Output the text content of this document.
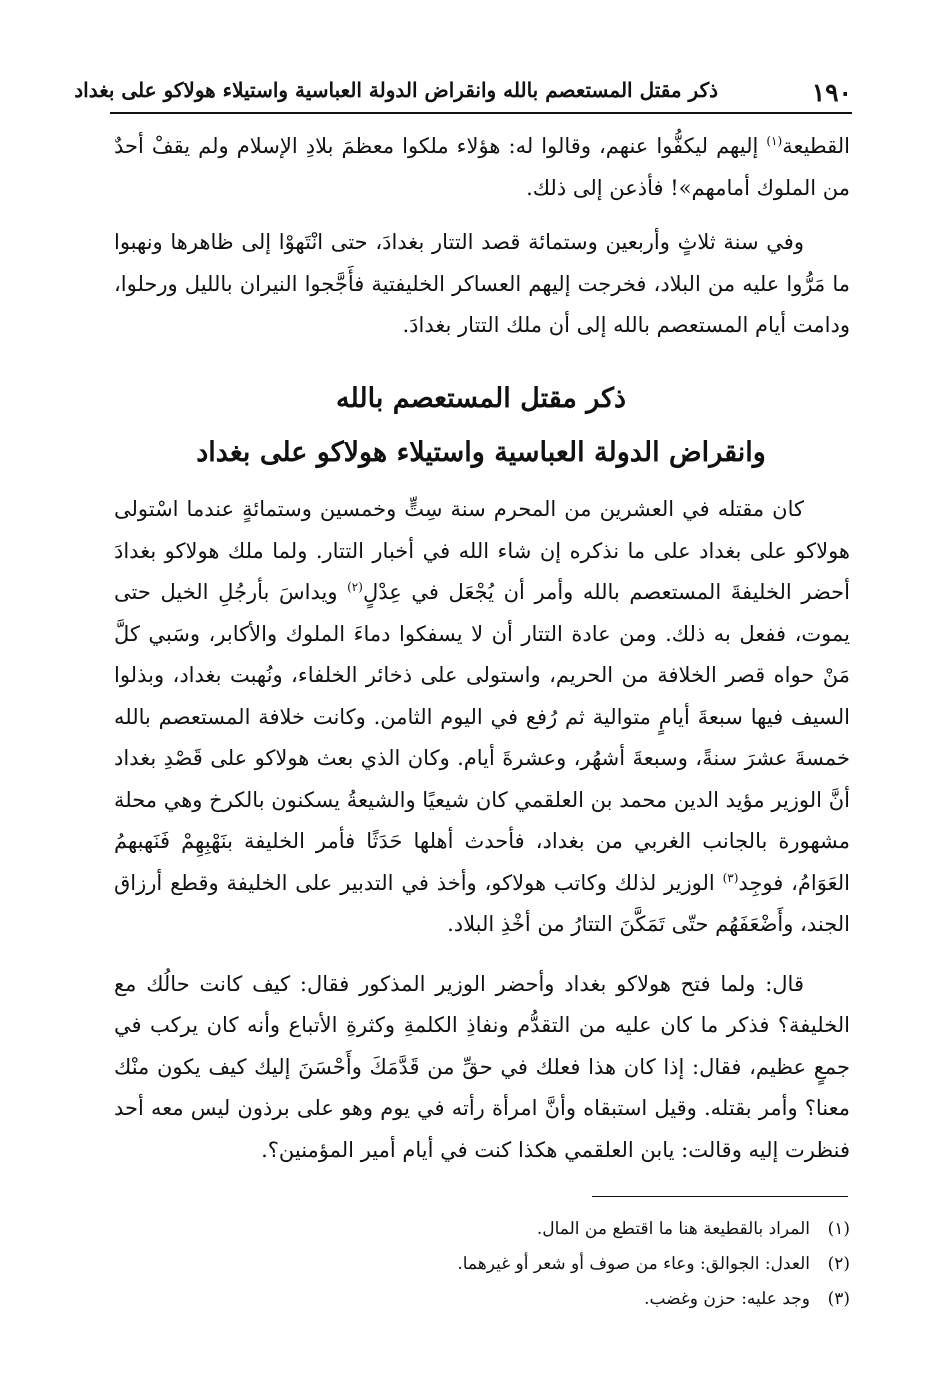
١٩٠
ذكر مقتل المستعصم بالله وانقراض الدولة العباسية واستيلاء هولاكو على بغداد

القطيعة$^{(١)}$ إليهم ليكفُّوا عنهم، وقالوا له: هؤلاء ملكوا معظمَ بلادِ الإسلام ولم يقفْ أحدٌ من الملوك أمامهم»! فأذعن إلى ذلك.

وفي سنة ثلاثٍ وأربعين وستمائة قصد التتار بغدادَ، حتى انْتَهوْا إلى ظاهرها ونهبوا ما مَرُّوا عليه من البلاد، فخرجت إليهم العساكر الخليفتية فأَجَّجوا النيران بالليل ورحلوا، ودامت أيام المستعصم بالله إلى أن ملك التتار بغدادَ.

ذكر مقتل المستعصم بالله
وانقراض الدولة العباسية واستيلاء هولاكو على بغداد

كان مقتله في العشرين من المحرم سنة سِتٍّ وخمسين وستمائةٍ عندما اسْتولى هولاكو على بغداد على ما نذكره إن شاء الله في أخبار التتار. ولما ملك هولاكو بغدادَ أحضر الخليفةَ المستعصم بالله وأمر أن يُجْعَل في عِدْلٍ$^{(٢)}$ ويداسَ بأرجُلِ الخيل حتى يموت، ففعل به ذلك. ومن عادة التتار أن لا يسفكوا دماءَ الملوك والأكابر، وسَبي كلَّ مَنْ حواه قصر الخلافة من الحريم، واستولى على ذخائر الخلفاء، ونُهبت بغداد، وبذلوا السيف فيها سبعةَ أيامٍ متوالية ثم رُفع في اليوم الثامن. وكانت خلافة المستعصم بالله خمسةَ عشرَ سنةً، وسبعةَ أشهُر، وعشرةَ أيام. وكان الذي بعث هولاكو على قَصْدِ بغداد أنَّ الوزير مؤيد الدين محمد بن العلقمي كان شيعيًا والشيعةُ يسكنون بالكرخ وهي محلة مشهورة بالجانب الغربي من بغداد، فأحدث أهلها حَدَثًا فأمر الخليفة بنَهْبِهِمْ فَنَهبهمُ العَوَامُ، فوجِد$^{(٣)}$ الوزير لذلك وكاتب هولاكو، وأخذ في التدبير على الخليفة وقطع أرزاق الجند، وأَضْعَفَهُم حتّى تَمَكَّنَ التتارُ من أخْذِ البلاد.

قال: ولما فتح هولاكو بغداد وأحضر الوزير المذكور فقال: كيف كانت حالُك مع الخليفة؟ فذكر ما كان عليه من التقدُّم ونفاذِ الكلمةِ وكثرةِ الأتباع وأنه كان يركب في جمعٍ عظيم، فقال: إذا كان هذا فعلك في حقِّ من قَدَّمَكَ وأَحْسَنَ إليك كيف يكون منْك معنا؟ وأمر بقتله. وقيل استبقاه وأنَّ امرأة رأته في يوم وهو على برذون ليس معه أحد فنظرت إليه وقالت: يابن العلقمي هكذا كنت في أيام أمير المؤمنين؟.

(١)المراد بالقطيعة هنا ما اقتطع من المال.
(٢)العدل: الجوالق: وعاء من صوف أو شعر أو غيرهما.
(٣)وجد عليه: حزن وغضب.
